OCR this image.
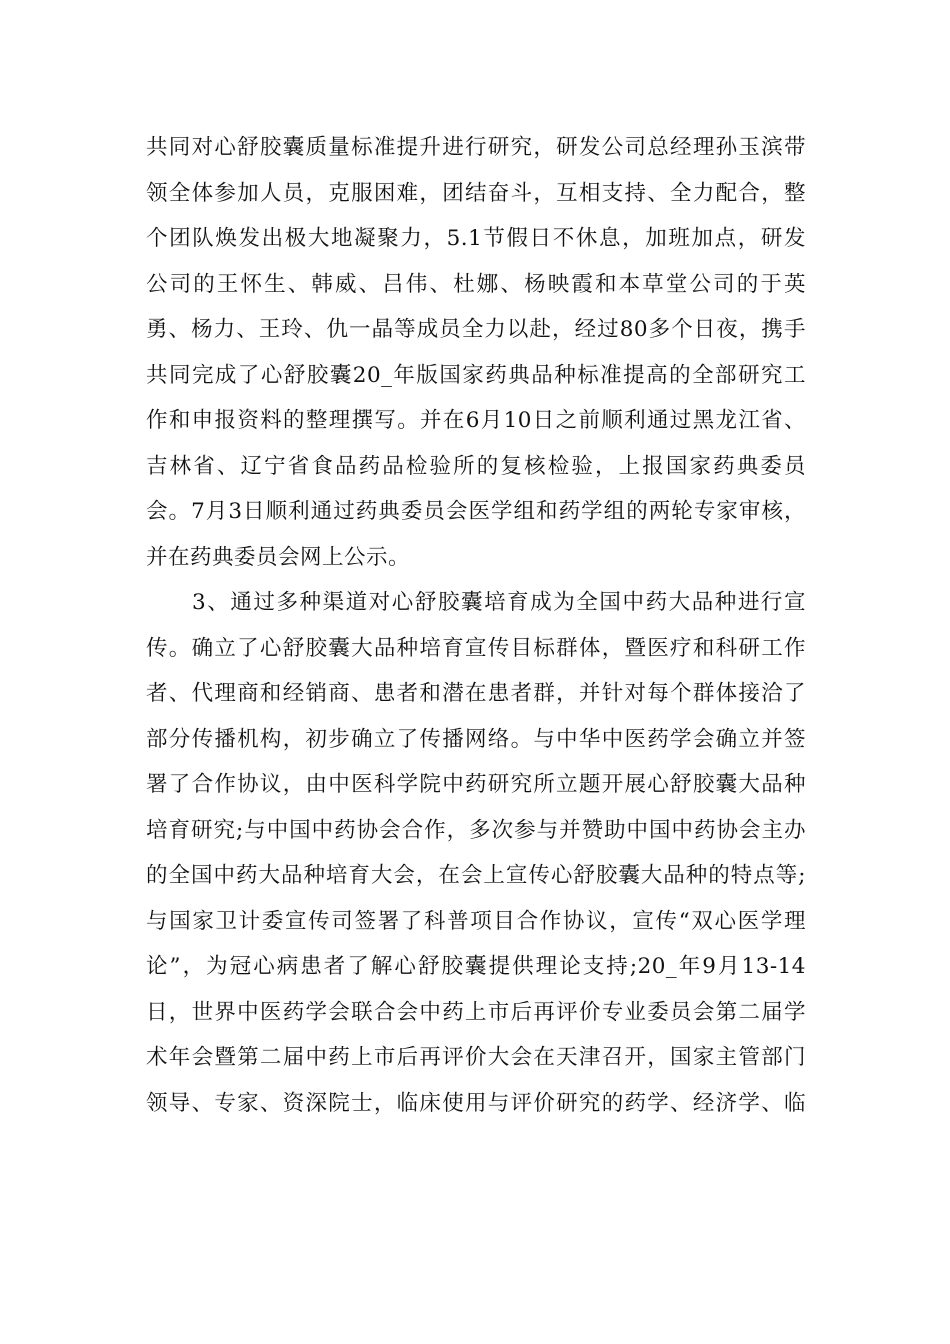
共同对心舒胶囊质量标准提升进行研究，研发公司总经理孙玉滨带
领全体参加人员，克服困难，团结奋斗，互相支持、全力配合，整
个团队焕发出极大地凝聚力，5.1节假日不休息，加班加点，研发
公司的王怀生、韩威、吕伟、杜娜、杨映霞和本草堂公司的于英
勇、杨力、王玲、仇一晶等成员全力以赴，经过80多个日夜，携手
共同完成了心舒胶囊20_年版国家药典品种标准提高的全部研究工
作和申报资料的整理撰写。并在6月10日之前顺利通过黑龙江省、
吉林省、辽宁省食品药品检验所的复核检验，上报国家药典委员
会。7月3日顺利通过药典委员会医学组和药学组的两轮专家审核，
并在药典委员会网上公示。

3、通过多种渠道对心舒胶囊培育成为全国中药大品种进行宣
传。确立了心舒胶囊大品种培育宣传目标群体，暨医疗和科研工作
者、代理商和经销商、患者和潜在患者群，并针对每个群体接洽了
部分传播机构，初步确立了传播网络。与中华中医药学会确立并签
署了合作协议，由中医科学院中药研究所立题开展心舒胶囊大品种
培育研究;与中国中药协会合作，多次参与并赞助中国中药协会主办
的全国中药大品种培育大会，在会上宣传心舒胶囊大品种的特点等;
与国家卫计委宣传司签署了科普项目合作协议，宣传“双心医学理
论”，为冠心病患者了解心舒胶囊提供理论支持;20_年9月13-14
日，世界中医药学会联合会中药上市后再评价专业委员会第二届学
术年会暨第二届中药上市后再评价大会在天津召开，国家主管部门
领导、专家、资深院士，临床使用与评价研究的药学、经济学、临
